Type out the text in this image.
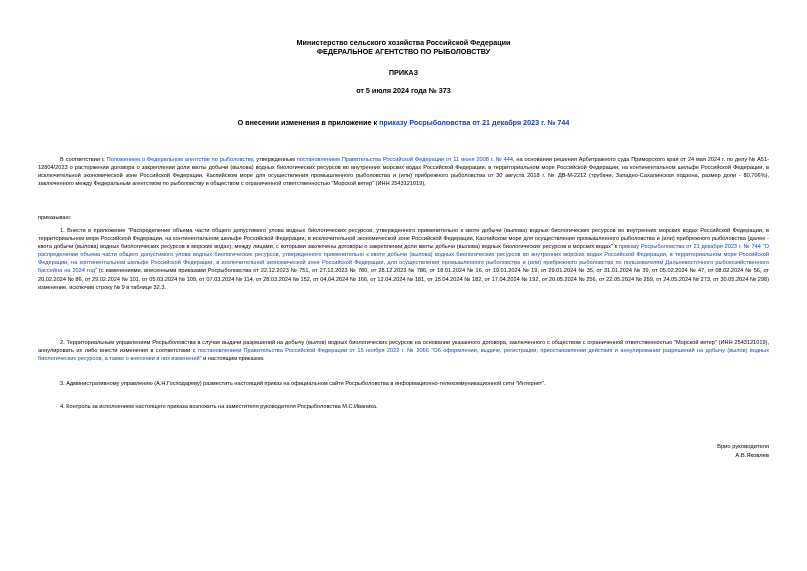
Министерство сельского хозяйства Российской Федерации
ФЕДЕРАЛЬНОЕ АГЕНТСТВО ПО РЫБОЛОВСТВУ
ПРИКАЗ
от 5 июля 2024 года № 373
О внесении изменения в приложение к приказу Росрыболовства от 21 декабря 2023 г. № 744
В соответствии с Положением о Федеральном агентстве по рыболовству, утвержденным постановлением Правительства Российской Федерации от 11 июня 2008 г. № 444, на основании решения Арбитражного суда Приморского края от 24 мая 2024 г. по делу № А51-12804/2023 о расторжении договора о закреплении доли квоты добычи (вылова) водных биологических ресурсов во внутренних морских водах Российской Федерации, в территориальном море Российской Федерации, на континентальном шельфе Российской Федерации, в исключительной экономической зоне Российской Федерации, Каспийском море для осуществления промышленного рыболовства и (или) прибрежного рыболовства от 30 августа 2018 г. № ДВ-М-2212 (трубачи, Западно-Сахалинская подзона, размер доли - 80,706%), заключенного между Федеральным агентством по рыболовству и обществом с ограниченной ответственностью "Морской ветер" (ИНН 2543121019),
приказываю:
1. Внести в приложение "Распределение объема части общего допустимого улова водных биологических ресурсов, утвержденного применительно к квоте добычи (вылова) водных биологических ресурсов во внутренних морских водах Российской Федерации, в территориальном море Российской Федерации, на континентальном шельфе Российской Федерации, в исключительной экономической зоне Российской Федерации, Каспийском море для осуществления промышленного рыболовства и (или) прибрежного рыболовства (далее - квота добычи (вылова) водных биологических ресурсов в морских водах), между лицами, с которыми заключены договоры о закреплении доли квоты добычи (вылова) водных биологических ресурсов в морских водах" к приказу Росрыболовства от 21 декабря 2023 г. № 744 "О распределении объема части общего допустимого улова водных биологических ресурсов, утвержденного применительно к квоте добычи (вылова) водных биологических ресурсов во внутренних морских водах Российской Федерации, в территориальном море Российской Федерации, на континентальном шельфе Российской Федерации, в исключительной экономической зоне Российской Федерации, для осуществления промышленного рыболовства и (или) прибрежного рыболовства по пользователям Дальневосточного рыбохозяйственного бассейна на 2024 год" (с изменениями, внесенными приказами Росрыболовства от 22.12.2023 № 751, от 27.12.2023 № 780, от 28.12.2023 № 786, от 18.01.2024 № 16, от 19.01.2024 № 19, от 29.01.2024 № 35, от 31.01.2024 № 39, от 05.02.2024 № 47, от 08.02.2024 № 56, от 20.02.2024 № 86, от 29.02.2024 № 101, от 05.03.2024 № 109, от 07.03.2024 № 114, от 28.03.2024 № 152, от 04.04.2024 № 166, от 12.04.2024 № 181, от 15.04.2024 № 182, от 17.04.2024 № 192, от 20.05.2024 № 256, от 22.05.2024 № 259, от 24.05.2024 № 273, от 30.05.2024 № 298) изменение, исключив строку № 9 в таблице 32.3.
2. Территориальным управлениям Росрыболовства в случае выдачи разрешений на добычу (вылов) водных биологических ресурсов на основании указанного договора, заключенного с обществом с ограниченной ответственностью "Морской ветер" (ИНН 2543121019), аннулировать их либо внести изменения в соответствии с постановлением Правительства Российской Федерации от 15 ноября 2022 г. № 2066 "Об оформлении, выдаче, регистрации, приостановлении действия и аннулировании разрешений на добычу (вылов) водных биологических ресурсов, а также о внесении в них изменений" и настоящим приказом.
3. Административному управлению (А.Н.Господареву) разместить настоящий приказ на официальном сайте Росрыболовства в информационно-телекоммуникационной сети "Интернет".
4. Контроль за исполнением настоящего приказа возложить на заместителя руководителя Росрыболовства М.С.Иваника.
Врио руководителя
А.В.Яковлев
